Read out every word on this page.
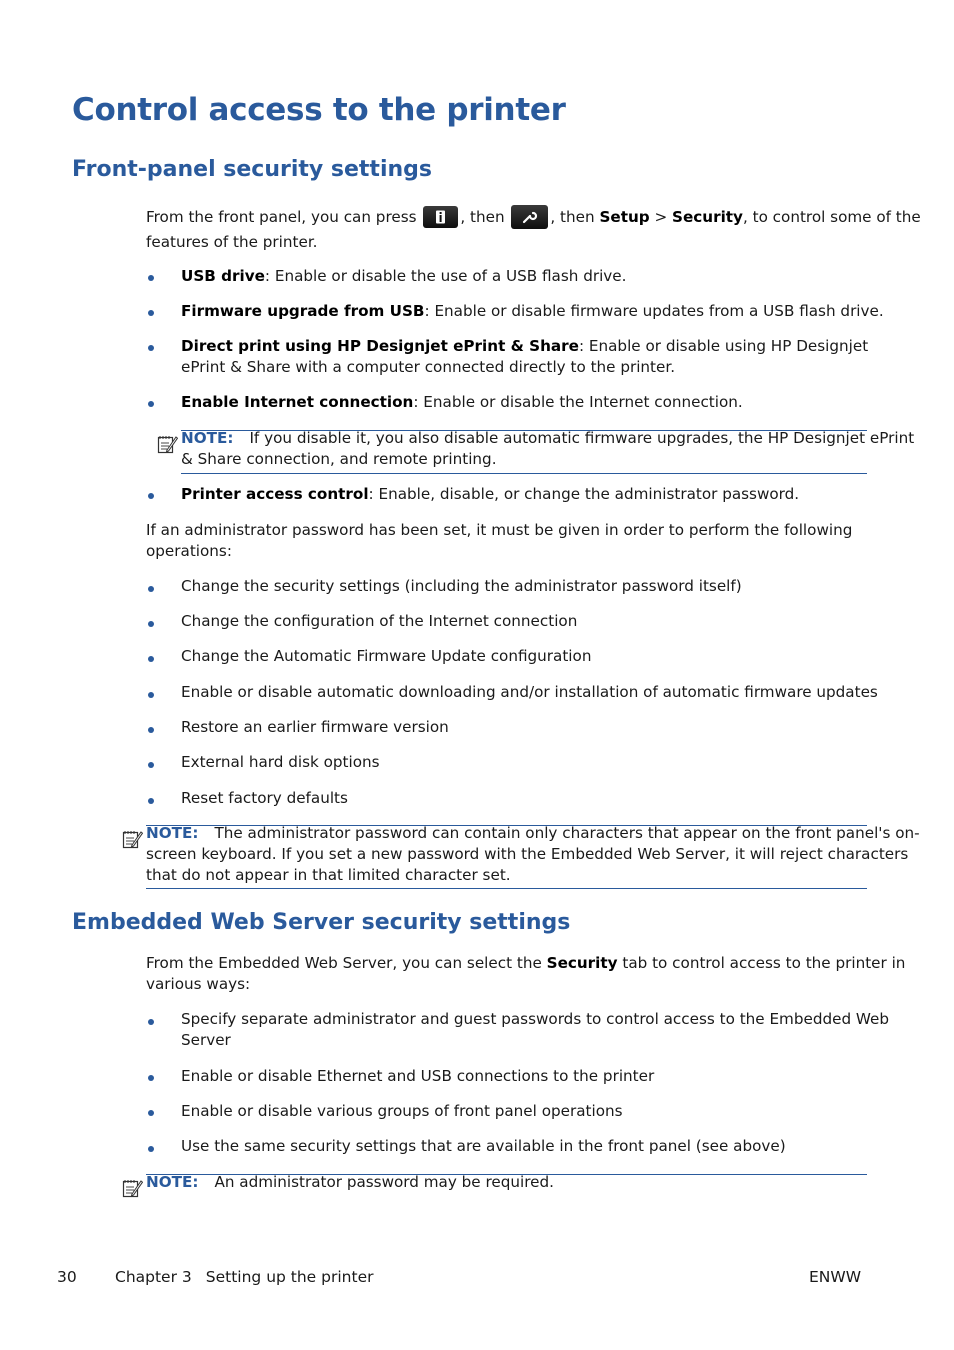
Control access to the printer
Front-panel security settings
From the front panel, you can press	, then	, then Setup > Security, to control some of the
features of the printer.
USB drive: Enable or disable the use of a USB flash drive.
Firmware upgrade from USB: Enable or disable firmware updates from a USB flash drive.
Direct print using HP Designjet ePrint & Share: Enable or disable using HP Designjet
ePrint & Share with a computer connected directly to the printer.
Enable Internet connection: Enable or disable the Internet connection.
NOTE: If you disable it, you also disable automatic firmware upgrades, the HP Designjet ePrint
& Share connection, and remote printing.
Printer access control: Enable, disable, or change the administrator password.
If an administrator password has been set, it must be given in order to perform the following
operations:
Change the security settings (including the administrator password itself)
Change the configuration of the Internet connection
Change the Automatic Firmware Update configuration
Enable or disable automatic downloading and/or installation of automatic firmware updates
Restore an earlier firmware version
External hard disk options
Reset factory defaults
NOTE: The administrator password can contain only characters that appear on the front panel's on-
screen keyboard. If you set a new password with the Embedded Web Server, it will reject characters
that do not appear in that limited character set.
Embedded Web Server security settings
From the Embedded Web Server, you can select the Security tab to control access to the printer in
various ways:
Specify separate administrator and guest passwords to control access to the Embedded Web
Server
Enable or disable Ethernet and USB connections to the printer
Enable or disable various groups of front panel operations
Use the same security settings that are available in the front panel (see above)
NOTE: An administrator password may be required.
30 Chapter 3 Setting up the printer	ENWW
